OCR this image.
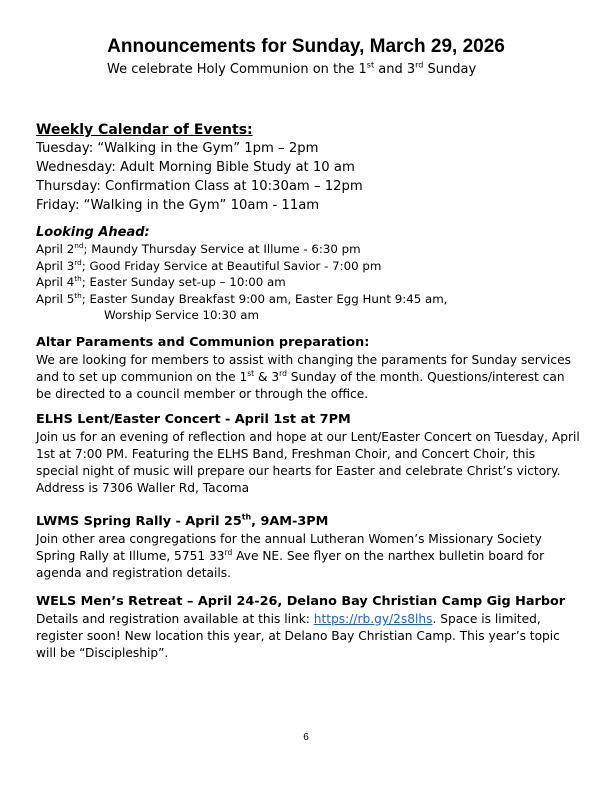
Announcements for Sunday, March 29, 2026
We celebrate Holy Communion on the 1st and 3rd Sunday
Weekly Calendar of Events:
Tuesday: “Walking in the Gym” 1pm – 2pm
Wednesday: Adult Morning Bible Study at 10 am
Thursday: Confirmation Class at 10:30am – 12pm
Friday: “Walking in the Gym” 10am - 11am
Looking Ahead:
April 2nd; Maundy Thursday Service at Illume - 6:30 pm
April 3rd; Good Friday Service at Beautiful Savior - 7:00 pm
April 4th; Easter Sunday set-up – 10:00 am
April 5th; Easter Sunday Breakfast 9:00 am, Easter Egg Hunt 9:45 am,
Worship Service 10:30 am
Altar Paraments and Communion preparation:

We are looking for members to assist with changing the paraments for Sunday services and to set up communion on the 1st & 3rd Sunday of the month. Questions/interest can be directed to a council member or through the office.

ELHS Lent/Easter Concert - April 1st at 7PM

Join us for an evening of reflection and hope at our Lent/Easter Concert on Tuesday, April 1st at 7:00 PM. Featuring the ELHS Band, Freshman Choir, and Concert Choir, this special night of music will prepare our hearts for Easter and celebrate Christ’s victory. Address is 7306 Waller Rd, Tacoma

LWMS Spring Rally - April 25th, 9AM-3PM

Join other area congregations for the annual Lutheran Women’s Missionary Society Spring Rally at Illume, 5751 33rd Ave NE. See flyer on the narthex bulletin board for agenda and registration details.

WELS Men’s Retreat – April 24-26, Delano Bay Christian Camp Gig Harbor

Details and registration available at this link: https://rb.gy/2s8lhs. Space is limited, register soon! New location this year, at Delano Bay Christian Camp. This year’s topic will be “Discipleship”.

6
